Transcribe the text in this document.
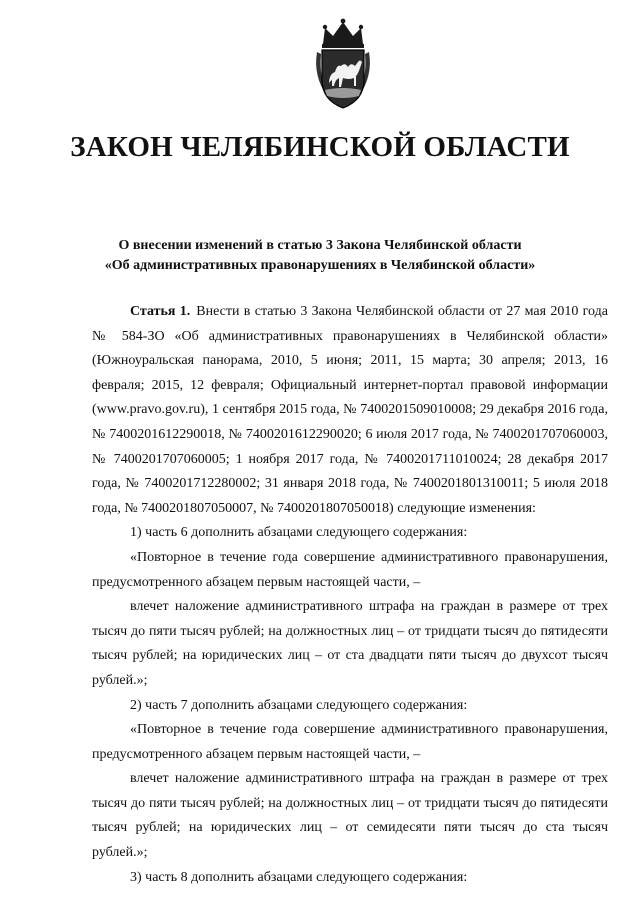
ЗАКОН ЧЕЛЯБИНСКОЙ ОБЛАСТИ
О внесении изменений в статью 3 Закона Челябинской области
«Об административных правонарушениях в Челябинской области»

Статья 1. Внести в статью 3 Закона Челябинской области от 27 мая 2010 года № 584-ЗО «Об административных правонарушениях в Челябинской области» (Южноуральская панорама, 2010, 5 июня; 2011, 15 марта; 30 апреля; 2013, 16 февраля; 2015, 12 февраля; Официальный интернет-портал правовой информации (www.pravo.gov.ru), 1 сентября 2015 года, № 7400201509010008; 29 декабря 2016 года, № 7400201612290018, № 7400201612290020; 6 июля 2017 года, № 7400201707060003, № 7400201707060005; 1 ноября 2017 года, № 7400201711010024; 28 декабря 2017 года, № 7400201712280002; 31 января 2018 года, № 7400201801310011; 5 июля 2018 года, № 7400201807050007, № 7400201807050018) следующие изменения:

1) часть 6 дополнить абзацами следующего содержания:

«Повторное в течение года совершение административного правонарушения, предусмотренного абзацем первым настоящей части, –

влечет наложение административного штрафа на граждан в размере от трех тысяч до пяти тысяч рублей; на должностных лиц – от тридцати тысяч до пятидесяти тысяч рублей; на юридических лиц – от ста двадцати пяти тысяч до двухсот тысяч рублей.»;

2) часть 7 дополнить абзацами следующего содержания:

«Повторное в течение года совершение административного правонарушения, предусмотренного абзацем первым настоящей части, –

влечет наложение административного штрафа на граждан в размере от трех тысяч до пяти тысяч рублей; на должностных лиц – от тридцати тысяч до пятидесяти тысяч рублей; на юридических лиц – от семидесяти пяти тысяч до ста тысяч рублей.»;

3) часть 8 дополнить абзацами следующего содержания:
